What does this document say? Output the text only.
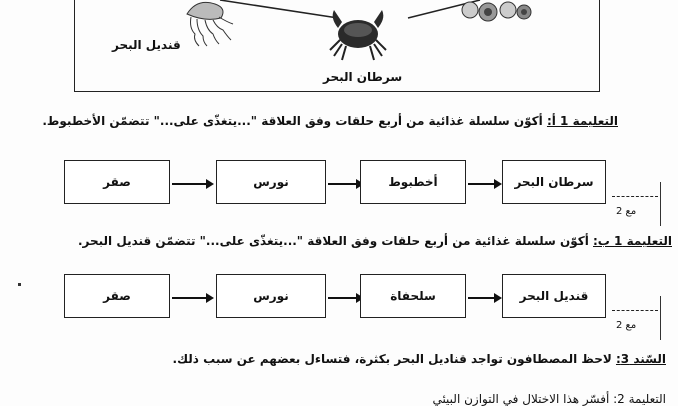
قنديل البحر
سرطان البحر
التعليمة 1 أ: أكوّن سلسلة غذائية من أربع حلقات وفق العلاقة "...يتغذّى على..." تتضمّن الأخطبوط.
صقر	نورس	أخطبوط	سرطان البحر
مع 2
التعليمة 1 ب: أكوّن سلسلة غذائية من أربع حلقات وفق العلاقة "...يتغذّى على..." تتضمّن قنديل البحر.
صقر	نورس	سلحفاة	قنديل البحر
مع 2
السّند 3: لاحظ المصطافون تواجد قناديل البحر بكثرة، فتساءل بعضهم عن سبب ذلك.
التعليمة 2: أفسّر هذا الاختلال في التوازن البيئي
